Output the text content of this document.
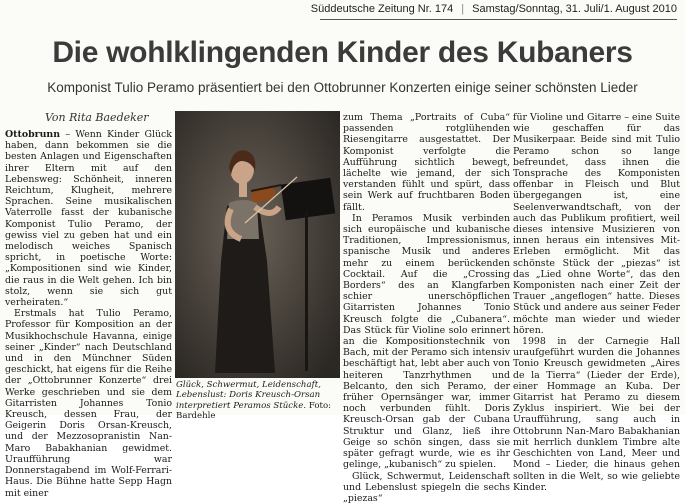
Süddeutsche Zeitung Nr. 174 | Samstag/Sonntag, 31. Juli/1. August 2010
Die wohlklingenden Kinder des Kubaners
Komponist Tulio Peramo präsentiert bei den Ottobrunner Konzerten einige seiner schönsten Lieder
Von Rita Baedeker

Ottobrunn – Wenn Kinder Glück haben, dann bekommen sie die besten Anlagen und Eigenschaften ihrer Eltern mit auf den Lebensweg: Schönheit, inneren Reichtum, Klugheit, mehrere Sprachen. Seine musikalischen Vaterrolle fasst der kubanische Komponist Tulio Peramo, der gewiss viel zu geben hat und ein melodisch weiches Spanisch spricht, in poetische Worte: „Kompositionen sind wie Kinder, die raus in die Welt gehen. Ich bin stolz, wenn sie sich gut verheiraten.“

Erstmals hat Tulio Peramo, Professor für Komposition an der Musikhochschule Havanna, einige seiner „Kinder“ nach Deutschland und in den Münchner Süden geschickt, hat eigens für die Reihe der „Ottobrunner Konzerte“ drei Werke geschrieben und sie dem Gitarristen Johannes Tonio Kreusch, dessen Frau, der Geigerin Doris Orsan-Kreusch, und der Mezzosopranistin Nan-Maro Babakhanian gewidmet. Uraufführung war Donnerstagabend im Wolf-Ferrari-Haus. Die Bühne hatte Sepp Hagn mit einer

Glück, Schwermut, Leidenschaft, Lebenslust: Doris Kreusch-Orsan interpretiert Peramos Stücke. Foto: Bardehle

zum Thema „Portraits of Cuba“ passenden rotglühenden Riesengitarre ausgestattet. Der Komponist verfolgte die Aufführung sichtlich bewegt, lächelte wie jemand, der sich verstanden fühlt und spürt, dass sein Werk auf fruchtbaren Boden fällt.

In Peramos Musik verbinden sich europäische und kubanische Traditionen, Impressionismus, spanische Musik und anderes mehr zu einem berückenden Cocktail. Auf die „Crossing Borders“ des an Klangfarben schier unerschöpflichen Gitarristen Johannes Tonio Kreusch folgte die „Cubanera“. Das Stück für Violine solo erinnert an die Kompositionstechnik von Bach, mit der Peramo sich intensiv beschäftigt hat, lebt aber auch von heiteren Tanzrhythmen und Belcanto, den sich Peramo, der früher Opernsänger war, immer noch verbunden fühlt. Doris Kreusch-Orsan gab der Cubana Struktur und Glanz, ließ ihre Geige so schön singen, dass sie später gefragt wurde, wie es ihr gelinge, „kubanisch“ zu spielen.

Glück, Schwermut, Leidenschaft und Lebenslust spiegeln die sechs „piezas“

für Violine und Gitarre – eine Suite wie geschaffen für das Musikerpaar. Beide sind mit Tulio Peramo schon so lange befreundet, dass ihnen die Tonsprache des Komponisten offenbar in Fleisch und Blut übergegangen ist, eine Seelenverwandtschaft, von der auch das Publikum profitiert, weil dieses intensive Musizieren von innen heraus ein intensives Mit-Erleben ermöglicht. Mit das schönste Stück der „piezas“ ist das „Lied ohne Worte“, das den Komponisten nach einer Zeit der Trauer „angeflogen“ hatte. Dieses Stück und andere aus seiner Feder möchte man wieder und wieder hören.

1998 in der Carnegie Hall uraufgeführt wurden die Johannes Tonio Kreusch gewidmeten „Aires de la Tierra“ (Lieder der Erde), einer Hommage an Kuba. Der Gitarrist hat Peramo zu diesem Zyklus inspiriert. Wie bei der Uraufführung, sang auch in Ottobrunn Nan-Maro Babakhanian mit herrlich dunklem Timbre alte Geschichten von Land, Meer und Mond – Lieder, die hinaus gehen sollten in die Welt, so wie geliebte Kinder.
